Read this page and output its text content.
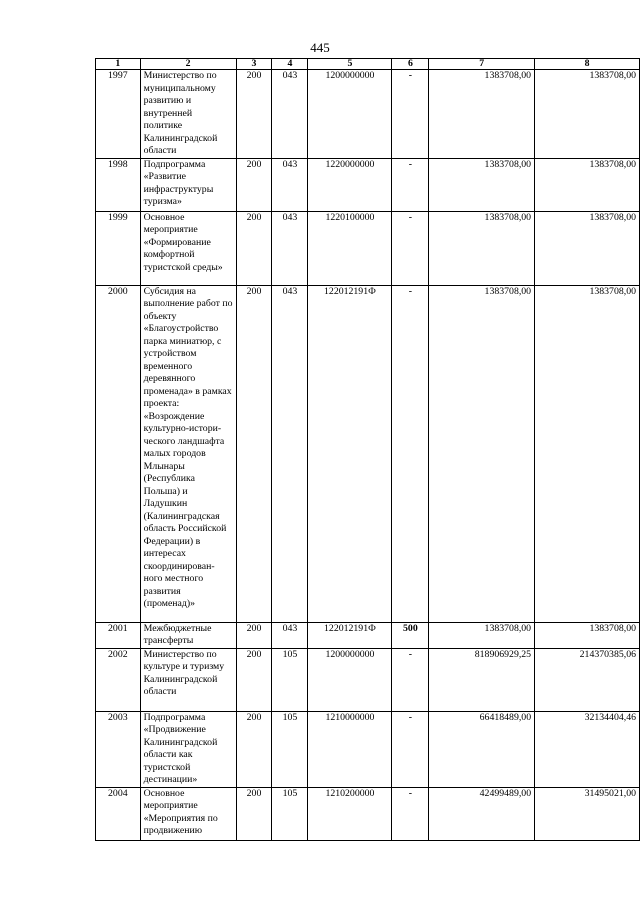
445
1	2	3	4	5	6	7	8
1997	Министерство по муниципальному развитию и внутренней политике Калининградской области	200	043	1200000000	-	1383708,00	1383708,00
1998	Подпрограмма «Развитие инфраструктуры туризма»	200	043	1220000000	-	1383708,00	1383708,00
1999	Основное мероприятие «Формирование комфортной туристской среды»	200	043	1220100000	-	1383708,00	1383708,00
2000	Субсидия на выполнение работ по объекту «Благоустройство парка миниатюр, с устройством временного деревянного променада» в рамках проекта: «Возрождение культурно-истори-ческого ландшафта малых городов Млынары (Республика Польша) и Ладушкин (Калининградская область Российской Федерации) в интересах скоординирован-ного местного развития (променад)»	200	043	122012191Ф	-	1383708,00	1383708,00
2001	Межбюджетные трансферты	200	043	122012191Ф	500	1383708,00	1383708,00
2002	Министерство по культуре и туризму Калининградской области	200	105	1200000000	-	818906929,25	214370385,06
2003	Подпрограмма «Продвижение Калининградской области как туристской дестинации»	200	105	1210000000	-	66418489,00	32134404,46
2004	Основное мероприятие «Мероприятия по продвижению	200	105	1210200000	-	42499489,00	31495021,00
